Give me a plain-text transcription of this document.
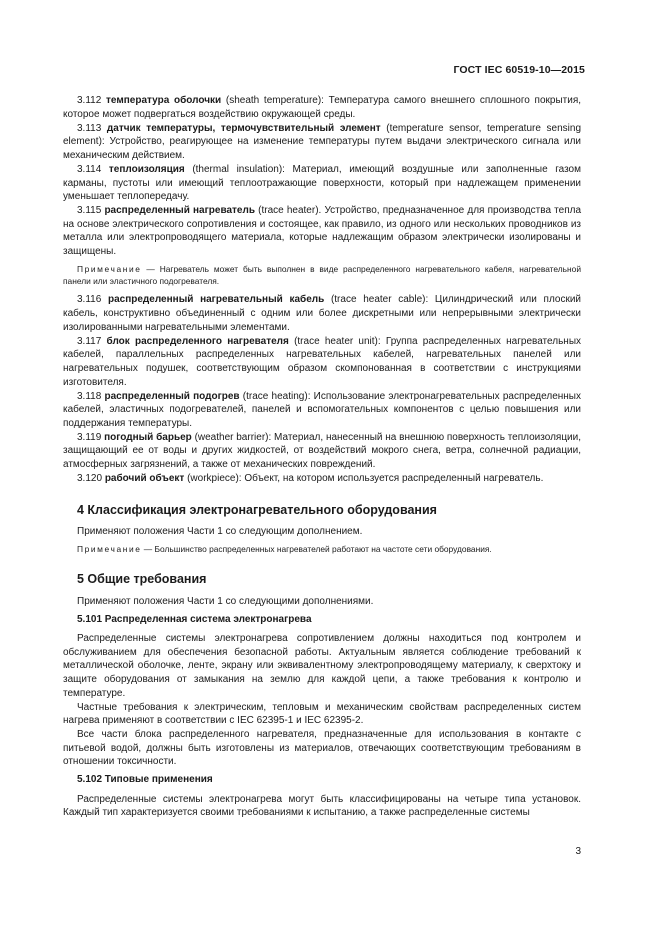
ГОСТ IEC 60519-10—2015

3.112 температура оболочки (sheath temperature): Температура самого внешнего сплошного покрытия, которое может подвергаться воздействию окружающей среды.

3.113 датчик температуры, термочувствительный элемент (temperature sensor, temperature sensing element): Устройство, реагирующее на изменение температуры путем выдачи электрического сигнала или механическим действием.

3.114 теплоизоляция (thermal insulation): Материал, имеющий воздушные или заполненные газом карманы, пустоты или имеющий теплоотражающие поверхности, который при надлежащем применении уменьшает теплопередачу.

3.115 распределенный нагреватель (trace heater). Устройство, предназначенное для производства тепла на основе электрического сопротивления и состоящее, как правило, из одного или нескольких проводников из металла или электропроводящего материала, которые надлежащим образом электрически изолированы и защищены.

Примечание — Нагреватель может быть выполнен в виде распределенного нагревательного кабеля, нагревательной панели или эластичного подогревателя.

3.116 распределенный нагревательный кабель (trace heater cable): Цилиндрический или плоский кабель, конструктивно объединенный с одним или более дискретными или непрерывными электрически изолированными нагревательными элементами.

3.117 блок распределенного нагревателя (trace heater unit): Группа распределенных нагревательных кабелей, параллельных распределенных нагревательных кабелей, нагревательных панелей или нагревательных подушек, соответствующим образом скомпонованная в соответствии с инструкциями изготовителя.

3.118 распределенный подогрев (trace heating): Использование электронагревательных распределенных кабелей, эластичных подогревателей, панелей и вспомогательных компонентов с целью повышения или поддержания температуры.

3.119 погодный барьер (weather barrier): Материал, нанесенный на внешнюю поверхность теплоизоляции, защищающий ее от воды и других жидкостей, от воздействий мокрого снега, ветра, солнечной радиации, атмосферных загрязнений, а также от механических повреждений.

3.120 рабочий объект (workpiece): Объект, на котором используется распределенный нагреватель.

4 Классификация электронагревательного оборудования

Применяют положения Части 1 со следующим дополнением.

Примечание — Большинство распределенных нагревателей работают на частоте сети оборудования.

5 Общие требования

Применяют положения Части 1 со следующими дополнениями.

5.101 Распределенная система электронагрева

Распределенные системы электронагрева сопротивлением должны находиться под контролем и обслуживанием для обеспечения безопасной работы. Актуальным является соблюдение требований к металлической оболочке, ленте, экрану или эквивалентному электропроводящему материалу, к сверхтоку и защите оборудования от замыкания на землю для каждой цепи, а также требования к контролю и температуре.

Частные требования к электрическим, тепловым и механическим свойствам распределенных систем нагрева применяют в соответствии с IEC 62395-1 и IEC 62395-2.

Все части блока распределенного нагревателя, предназначенные для использования в контакте с питьевой водой, должны быть изготовлены из материалов, отвечающих соответствующим требованиям в отношении токсичности.

5.102 Типовые применения

Распределенные системы электронагрева могут быть классифицированы на четыре типа установок. Каждый тип характеризуется своими требованиями к испытанию, а также распределенные системы

3
